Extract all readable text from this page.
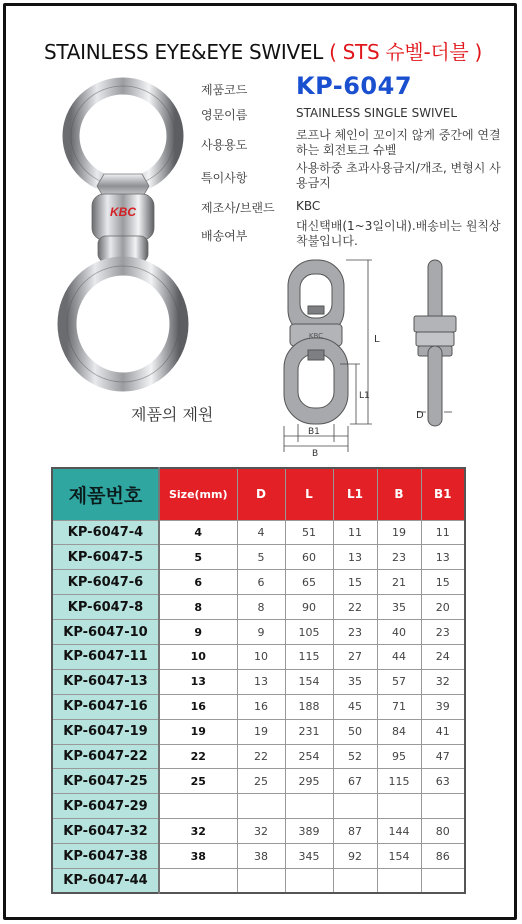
STAINLESS EYE&EYE SWIVEL ( STS 슈벨-더블 )
KBC
제품코드 KP-6047
영문이름	STAINLESS SINGLE SWIVEL
사용용도
로프나 체인이 꼬이지 않게 중간에 연결하는 회전토크 슈벨
특이사항
사용하중 초과사용금지/개조, 변형시 사용금지
제조사/브랜드 KBC
배송여부
대신택배(1~3일이내).배송비는 원칙상 착불입니다.
KBC	L
L1
D
B1
B
제품의 제원
제품번호	Size(mm)	D	L	L1	B	B1
KP-6047-4	4	4	51	11	19	11
KP-6047-5	5	5	60	13	23	13
KP-6047-6	6	6	65	15	21	15
KP-6047-8	8	8	90	22	35	20
KP-6047-10	9	9	105	23	40	23
KP-6047-11	10	10	115	27	44	24
KP-6047-13	13	13	154	35	57	32
KP-6047-16	16	16	188	45	71	39
KP-6047-19	19	19	231	50	84	41
KP-6047-22	22	22	254	52	95	47
KP-6047-25	25	25	295	67	115	63
KP-6047-29						
KP-6047-32	32	32	389	87	144	80
KP-6047-38	38	38	345	92	154	86
KP-6047-44						
